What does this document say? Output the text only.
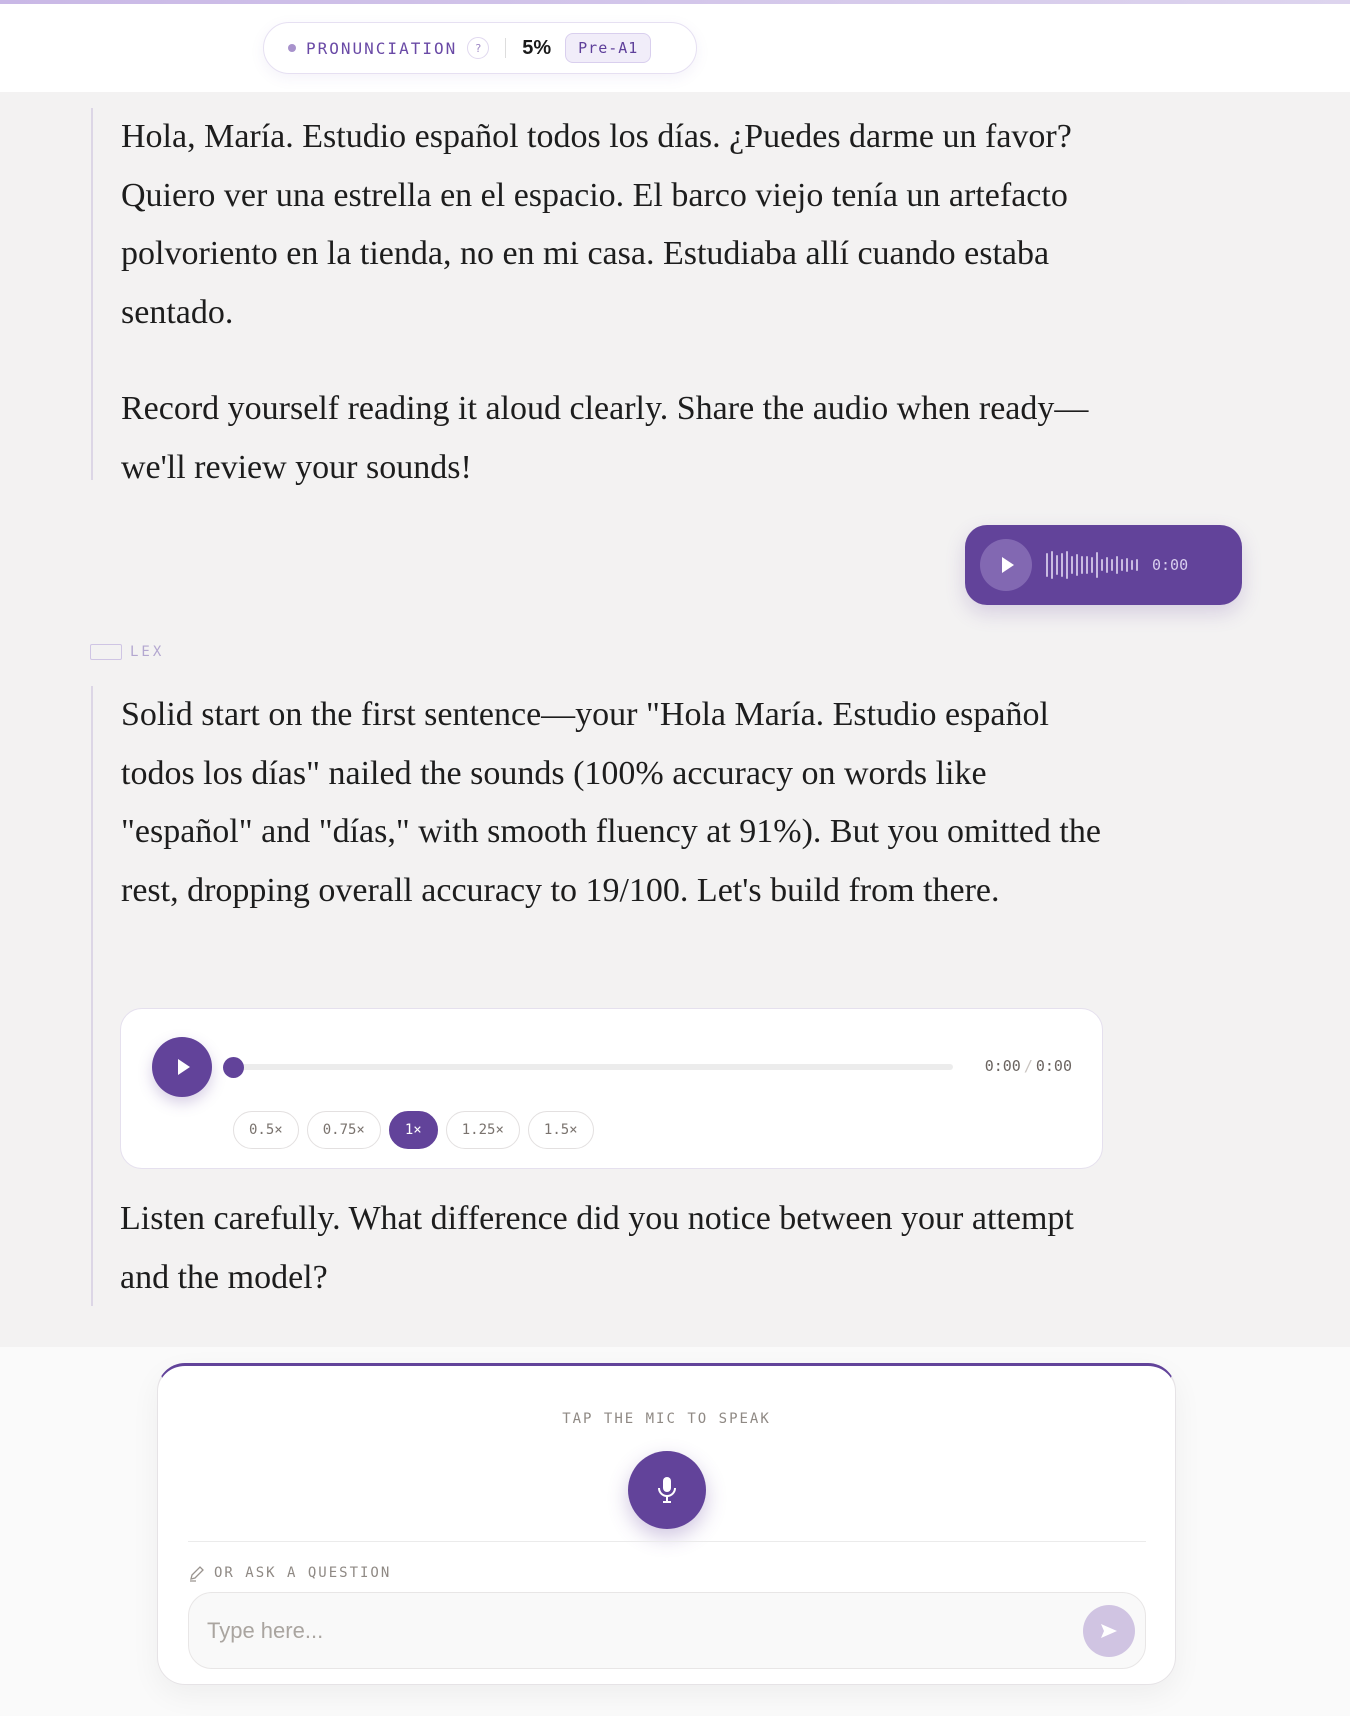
PRONUNCIATION	?	5%	Pre-A1

Hola, María. Estudio español todos los días. ¿Puedes darme un favor? Quiero ver una estrella en el espacio. El barco viejo tenía un artefacto polvoriento en la tienda, no en mi casa. Estudiaba allí cuando estaba sentado.

Record yourself reading it aloud clearly. Share the audio when ready—we'll review your sounds!

0:00
LEX

Solid start on the first sentence—your "Hola María. Estudio español todos los días" nailed the sounds (100% accuracy on words like "español" and "días," with smooth fluency at 91%). But you omitted the rest, dropping overall accuracy to 19/100. Let's build from there.

0:00 / 0:00
0.5×	0.75×	1×	1.25×	1.5×

Listen carefully. What difference did you notice between your attempt and the model?

TAP THE MIC TO SPEAK
OR ASK A QUESTION
Type here...
